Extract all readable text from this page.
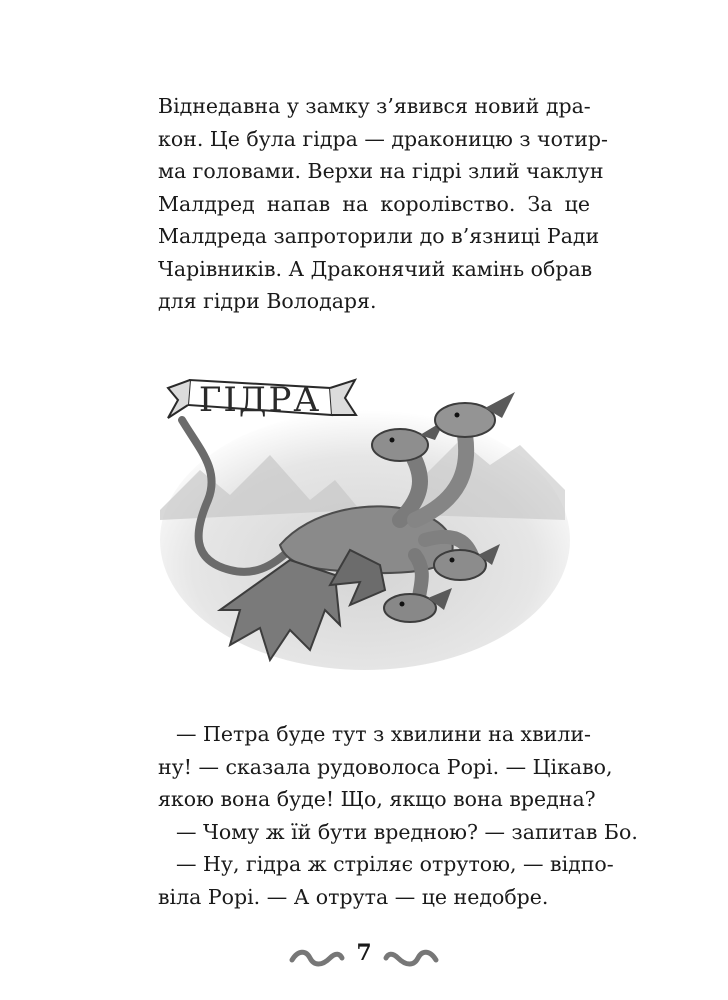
Віднедавна у замку з’явився новий дра-
кон. Це була гідра — драконицю з чотир-
ма головами. Верхи на гідрі злий чаклун
Малдред напав на королівство. За це
Малдреда запроторили до в’язниці Ради
Чарівників. А Драконячий камінь обрав
для гідри Володаря.
ГІДРА
— Петра буде тут з хвилини на хвили-
ну! — сказала рудоволоса Рорі. — Цікаво,
якою вона буде! Що, якщо вона вредна?
— Чому ж їй бути вредною? — запитав Бо.
— Ну, гідра ж стріляє отрутою, — відпо-
віла Рорі. — А отрута — це недобре.
7
